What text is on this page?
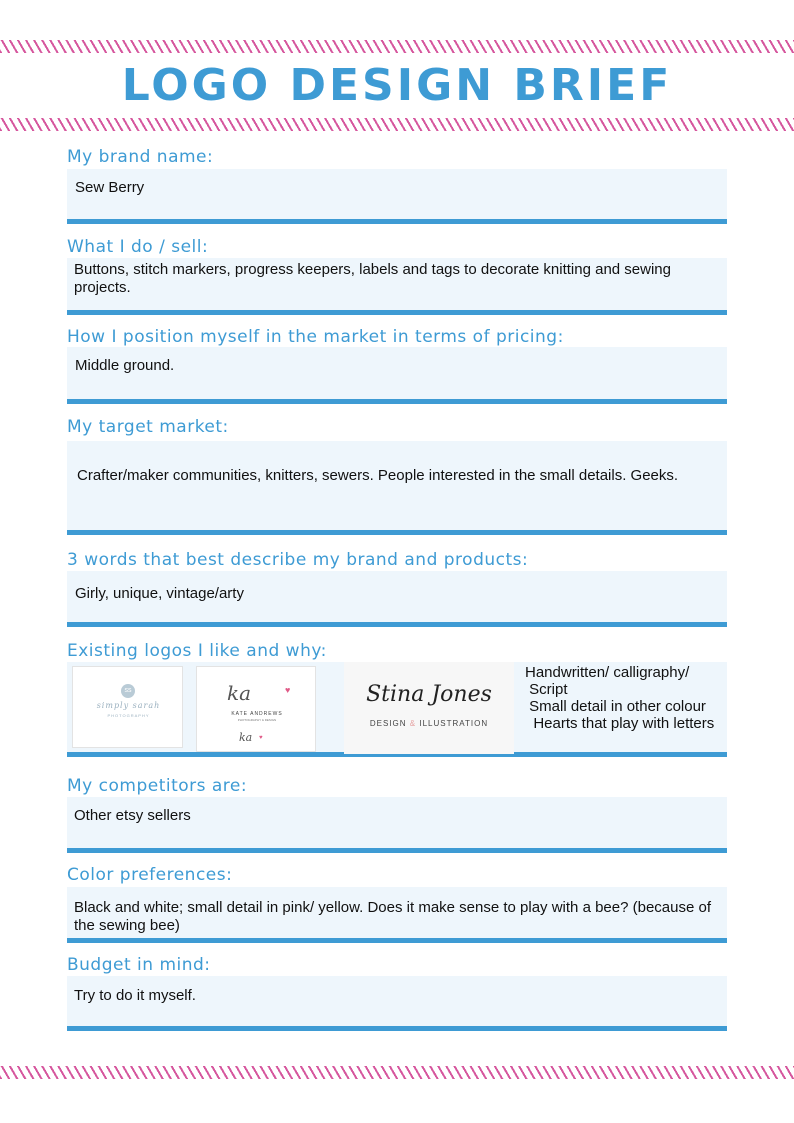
LOGO DESIGN BRIEF
My brand name:
Sew Berry
What I do / sell:
Buttons, stitch markers, progress keepers, labels and tags to decorate knitting and sewing projects.
How I position myself in the market in terms of pricing:
Middle ground.
My target market:
Crafter/maker communities, knitters, sewers. People interested in the small details. Geeks.
3 words that best describe my brand and products:
Girly, unique, vintage/arty
Existing logos I like and why:
ss
simply sarah
PHOTOGRAPHY
ka	♥
KATE ANDREWS
PHOTOGRAPHY & DESIGN
ka ♥
Stina Jones
DESIGN & ILLUSTRATION
Handwritten/ calligraphy/
Script
Small detail in other colour
Hearts that play with letters
My competitors are:
Other etsy sellers
Color preferences:
Black and white; small detail in pink/ yellow. Does it make sense to play with a bee? (because of the sewing bee)
Budget in mind:
Try to do it myself.
